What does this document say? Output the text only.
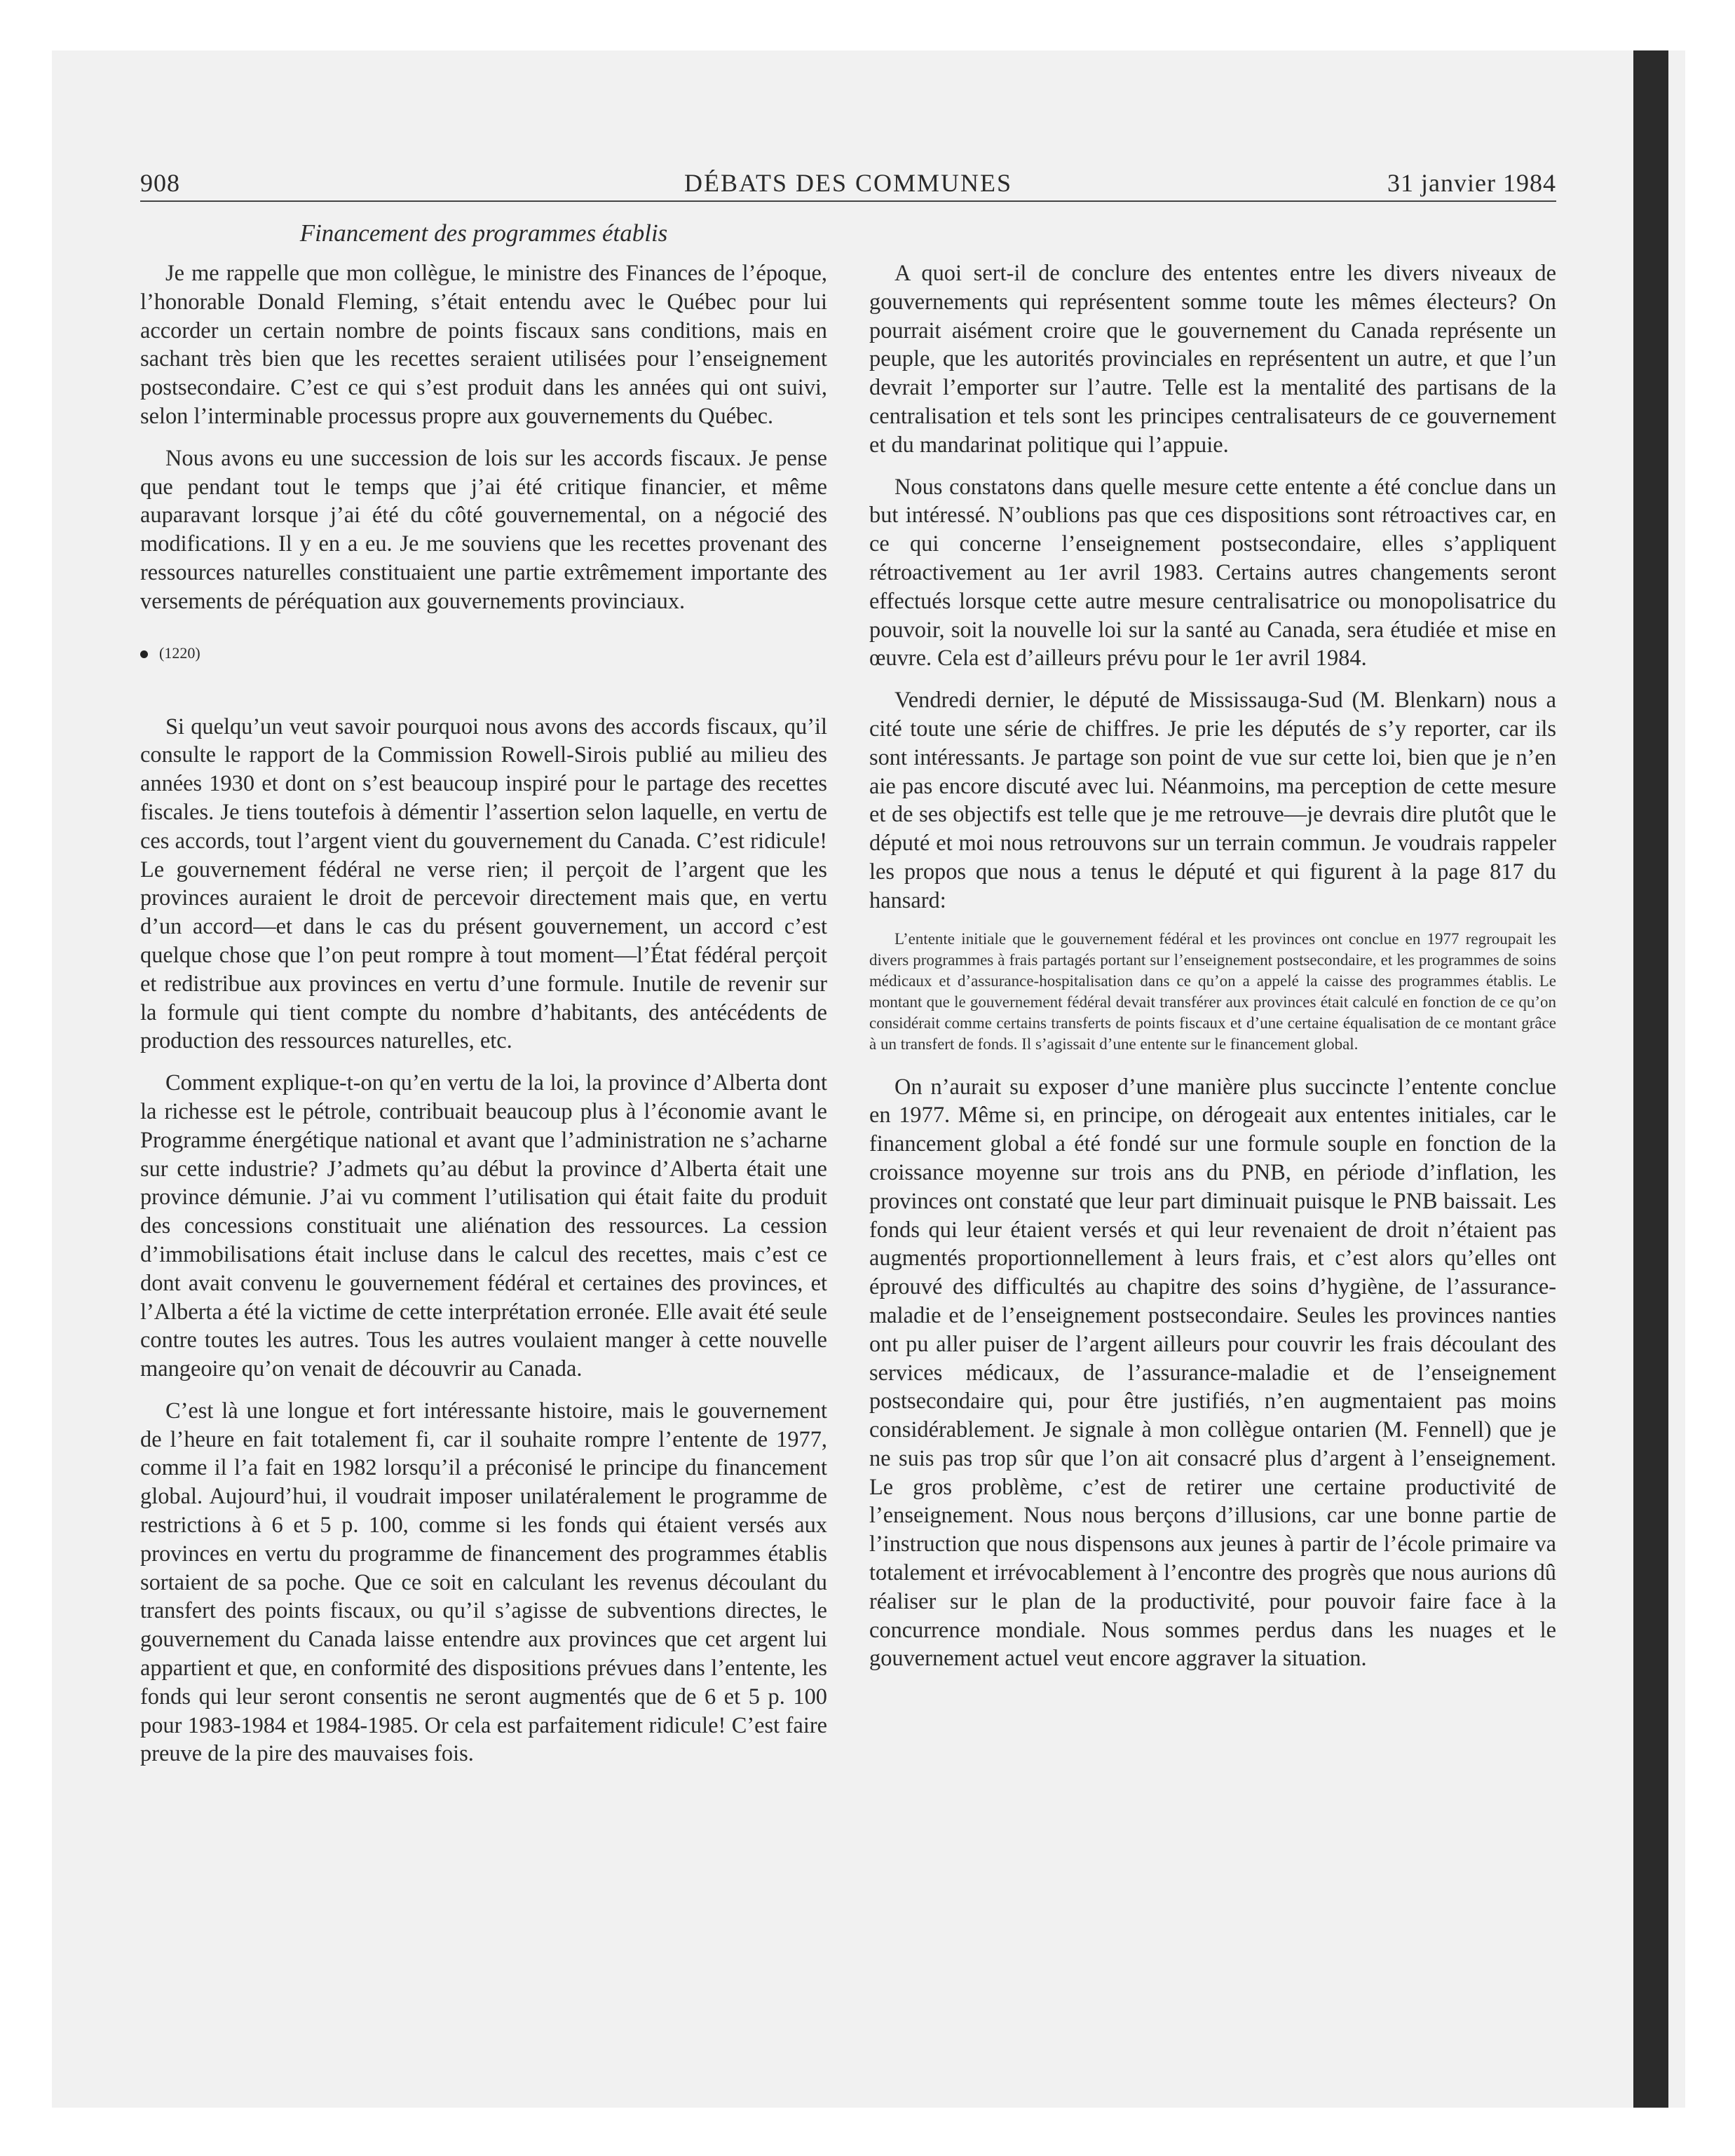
908	DÉBATS DES COMMUNES	31 janvier 1984
Financement des programmes établis

Je me rappelle que mon collègue, le ministre des Finances de l’époque, l’honorable Donald Fleming, s’était entendu avec le Québec pour lui accorder un certain nombre de points fiscaux sans conditions, mais en sachant très bien que les recettes seraient utilisées pour l’enseignement postsecondaire. C’est ce qui s’est produit dans les années qui ont suivi, selon l’interminable processus propre aux gouvernements du Québec.

Nous avons eu une succession de lois sur les accords fiscaux. Je pense que pendant tout le temps que j’ai été critique financier, et même auparavant lorsque j’ai été du côté gouvernemental, on a négocié des modifications. Il y en a eu. Je me souviens que les recettes provenant des ressources naturelles constituaient une partie extrêmement importante des versements de péréquation aux gouvernements provinciaux.

(1220)

Si quelqu’un veut savoir pourquoi nous avons des accords fiscaux, qu’il consulte le rapport de la Commission Rowell-Sirois publié au milieu des années 1930 et dont on s’est beaucoup inspiré pour le partage des recettes fiscales. Je tiens toutefois à démentir l’assertion selon laquelle, en vertu de ces accords, tout l’argent vient du gouvernement du Canada. C’est ridicule! Le gouvernement fédéral ne verse rien; il perçoit de l’argent que les provinces auraient le droit de percevoir directement mais que, en vertu d’un accord—et dans le cas du présent gouvernement, un accord c’est quelque chose que l’on peut rompre à tout moment—l’État fédéral perçoit et redistribue aux provinces en vertu d’une formule. Inutile de revenir sur la formule qui tient compte du nombre d’habitants, des antécédents de production des ressources naturelles, etc.

Comment explique-t-on qu’en vertu de la loi, la province d’Alberta dont la richesse est le pétrole, contribuait beaucoup plus à l’économie avant le Programme énergétique national et avant que l’administration ne s’acharne sur cette industrie? J’admets qu’au début la province d’Alberta était une province démunie. J’ai vu comment l’utilisation qui était faite du produit des concessions constituait une aliénation des ressources. La cession d’immobilisations était incluse dans le calcul des recettes, mais c’est ce dont avait convenu le gouvernement fédéral et certaines des provinces, et l’Alberta a été la victime de cette interprétation erronée. Elle avait été seule contre toutes les autres. Tous les autres voulaient manger à cette nouvelle mangeoire qu’on venait de découvrir au Canada.

C’est là une longue et fort intéressante histoire, mais le gouvernement de l’heure en fait totalement fi, car il souhaite rompre l’entente de 1977, comme il l’a fait en 1982 lorsqu’il a préconisé le principe du financement global. Aujourd’hui, il voudrait imposer unilatéralement le programme de restrictions à 6 et 5 p. 100, comme si les fonds qui étaient versés aux provinces en vertu du programme de financement des programmes établis sortaient de sa poche. Que ce soit en calculant les revenus découlant du transfert des points fiscaux, ou qu’il s’agisse de subventions directes, le gouvernement du Canada laisse entendre aux provinces que cet argent lui appartient et que, en conformité des dispositions prévues dans l’entente, les fonds qui leur seront consentis ne seront augmentés que de 6 et 5 p. 100 pour 1983-1984 et 1984-1985. Or cela est parfaitement ridicule! C’est faire preuve de la pire des mauvaises fois.

A quoi sert-il de conclure des ententes entre les divers niveaux de gouvernements qui représentent somme toute les mêmes électeurs? On pourrait aisément croire que le gouvernement du Canada représente un peuple, que les autorités provinciales en représentent un autre, et que l’un devrait l’emporter sur l’autre. Telle est la mentalité des partisans de la centralisation et tels sont les principes centralisateurs de ce gouvernement et du mandarinat politique qui l’appuie.

Nous constatons dans quelle mesure cette entente a été conclue dans un but intéressé. N’oublions pas que ces dispositions sont rétroactives car, en ce qui concerne l’enseignement postsecondaire, elles s’appliquent rétroactivement au 1er avril 1983. Certains autres changements seront effectués lorsque cette autre mesure centralisatrice ou monopolisatrice du pouvoir, soit la nouvelle loi sur la santé au Canada, sera étudiée et mise en œuvre. Cela est d’ailleurs prévu pour le 1er avril 1984.

Vendredi dernier, le député de Mississauga-Sud (M. Blenkarn) nous a cité toute une série de chiffres. Je prie les députés de s’y reporter, car ils sont intéressants. Je partage son point de vue sur cette loi, bien que je n’en aie pas encore discuté avec lui. Néanmoins, ma perception de cette mesure et de ses objectifs est telle que je me retrouve—je devrais dire plutôt que le député et moi nous retrouvons sur un terrain commun. Je voudrais rappeler les propos que nous a tenus le député et qui figurent à la page 817 du hansard:

L’entente initiale que le gouvernement fédéral et les provinces ont conclue en 1977 regroupait les divers programmes à frais partagés portant sur l’enseignement postsecondaire, et les programmes de soins médicaux et d’assurance-hospitalisation dans ce qu’on a appelé la caisse des programmes établis. Le montant que le gouvernement fédéral devait transférer aux provinces était calculé en fonction de ce qu’on considérait comme certains transferts de points fiscaux et d’une certaine équalisation de ce montant grâce à un transfert de fonds. Il s’agissait d’une entente sur le financement global.

On n’aurait su exposer d’une manière plus succincte l’entente conclue en 1977. Même si, en principe, on dérogeait aux ententes initiales, car le financement global a été fondé sur une formule souple en fonction de la croissance moyenne sur trois ans du PNB, en période d’inflation, les provinces ont constaté que leur part diminuait puisque le PNB baissait. Les fonds qui leur étaient versés et qui leur revenaient de droit n’étaient pas augmentés proportionnellement à leurs frais, et c’est alors qu’elles ont éprouvé des difficultés au chapitre des soins d’hygiène, de l’assurance-maladie et de l’enseignement postsecondaire. Seules les provinces nanties ont pu aller puiser de l’argent ailleurs pour couvrir les frais découlant des services médicaux, de l’assurance-maladie et de l’enseignement postsecondaire qui, pour être justifiés, n’en augmentaient pas moins considérablement. Je signale à mon collègue ontarien (M. Fennell) que je ne suis pas trop sûr que l’on ait consacré plus d’argent à l’enseignement. Le gros problème, c’est de retirer une certaine productivité de l’enseignement. Nous nous berçons d’illusions, car une bonne partie de l’instruction que nous dispensons aux jeunes à partir de l’école primaire va totalement et irrévocablement à l’encontre des progrès que nous aurions dû réaliser sur le plan de la productivité, pour pouvoir faire face à la concurrence mondiale. Nous sommes perdus dans les nuages et le gouvernement actuel veut encore aggraver la situation.
